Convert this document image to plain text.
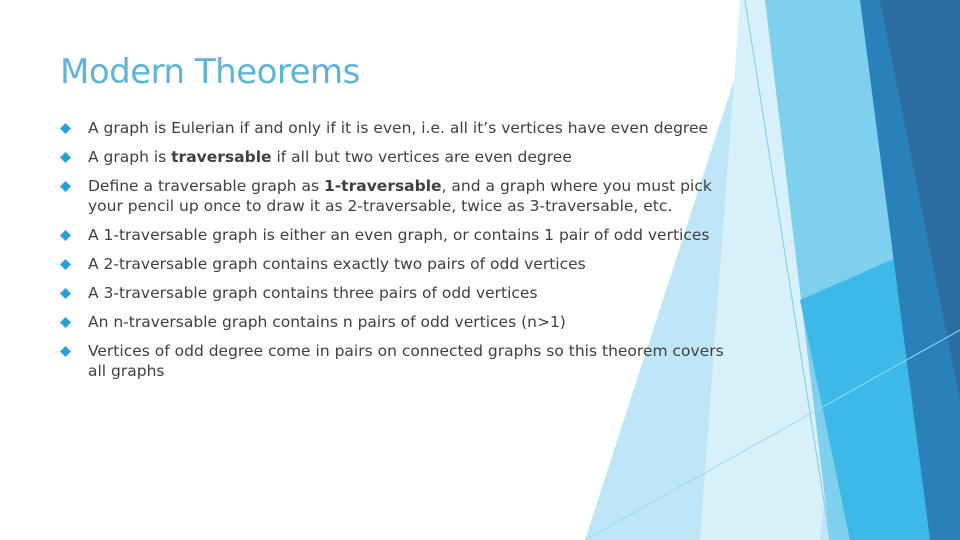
Modern Theorems
A graph is Eulerian if and only if it is even, i.e. all it’s vertices have even degree
A graph is traversable if all but two vertices are even degree
Define a traversable graph as 1-traversable, and a graph where you must pick your pencil up once to draw it as 2-traversable, twice as 3-traversable, etc.
A 1-traversable graph is either an even graph, or contains 1 pair of odd vertices
A 2-traversable graph contains exactly two pairs of odd vertices
A 3-traversable graph contains three pairs of odd vertices
An n-traversable graph contains n pairs of odd vertices (n>1)
Vertices of odd degree come in pairs on connected graphs so this theorem covers all graphs
